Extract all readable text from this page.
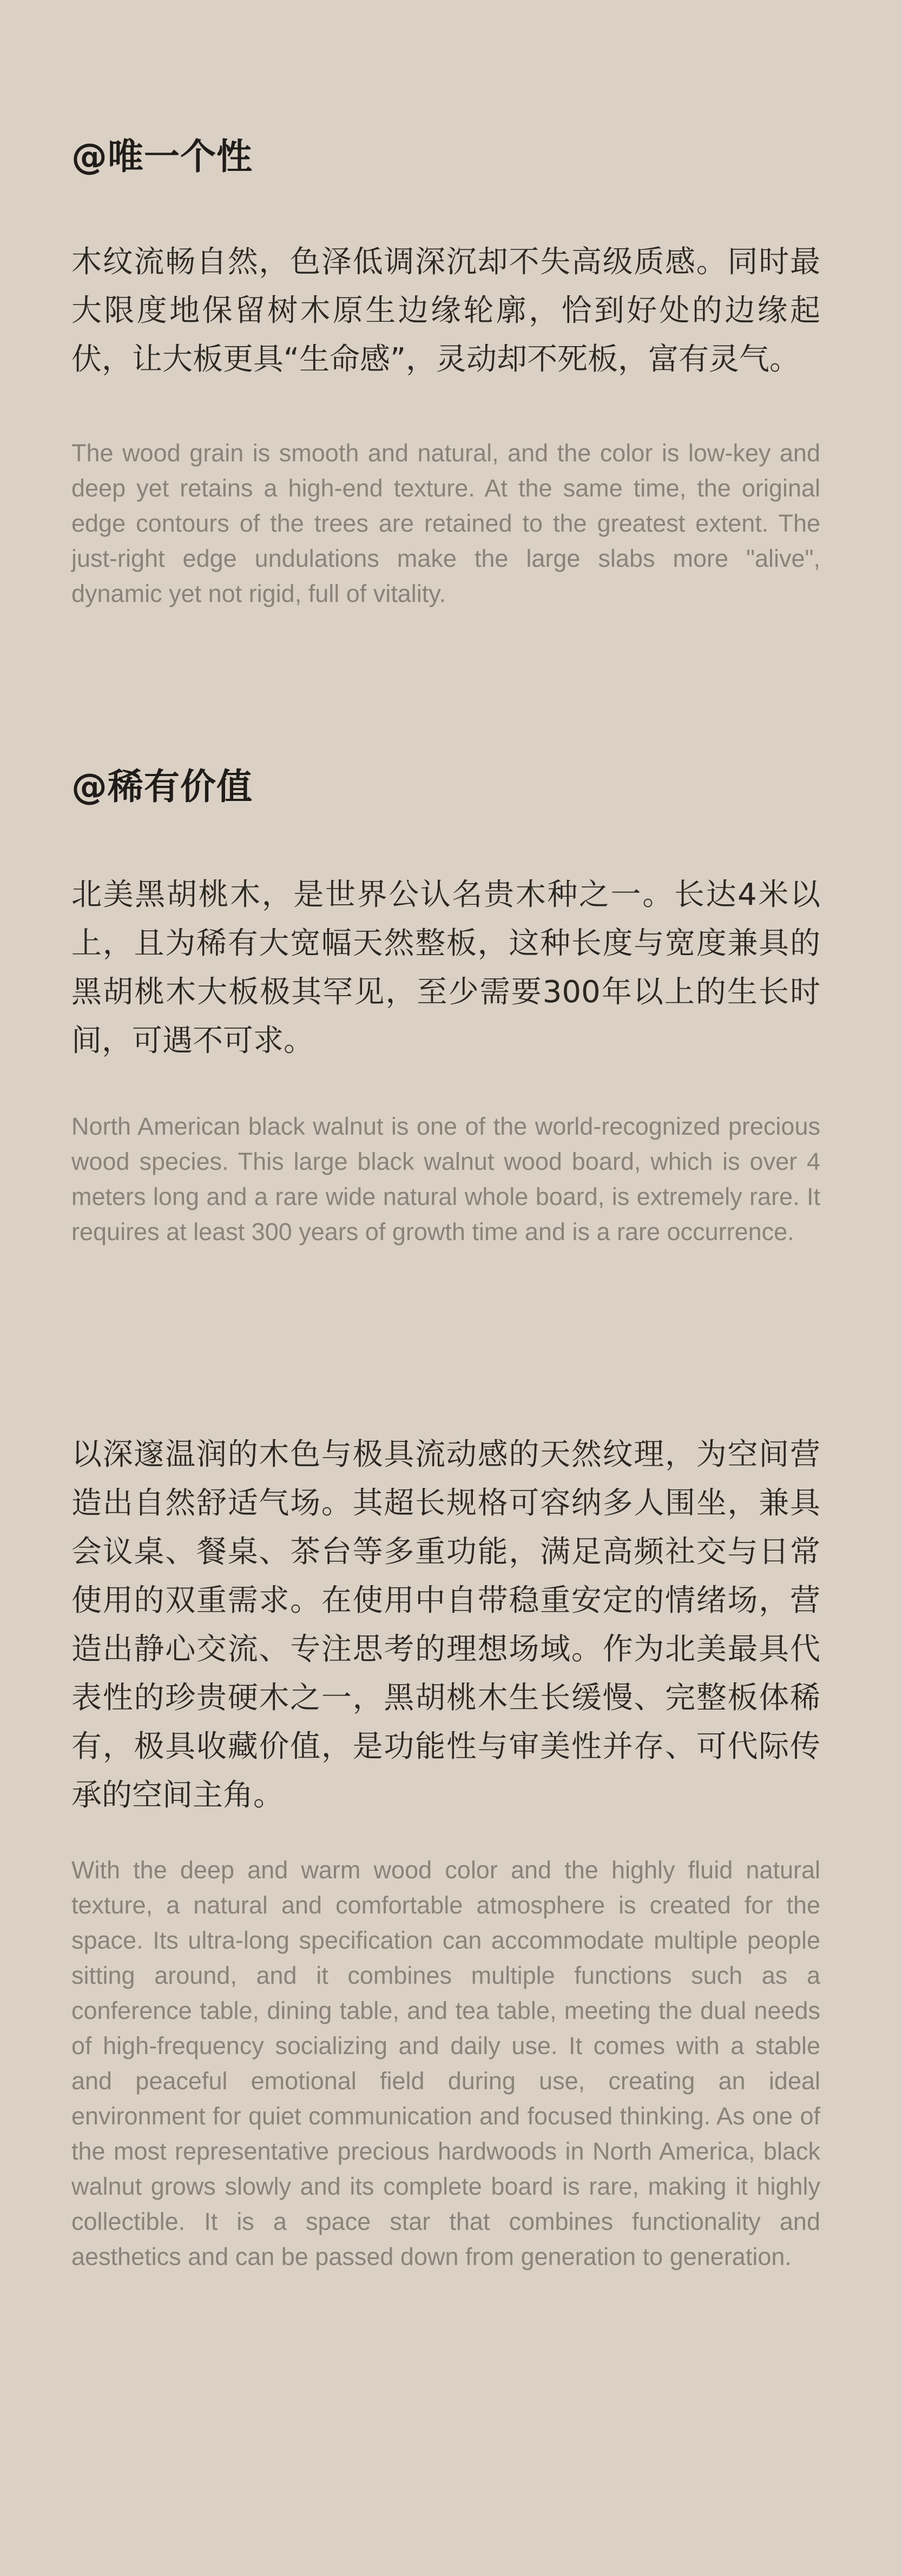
@唯一个性

木纹流畅自然，色泽低调深沉却不失高级质感。同时最大限度地保留树木原生边缘轮廓，恰到好处的边缘起伏，让大板更具“生命感”，灵动却不死板，富有灵气。

The wood grain is smooth and natural, and the color is low-key and deep yet retains a high-end texture. At the same time, the original edge contours of the trees are retained to the greatest extent. The just-right edge undulations make the large slabs more "alive", dynamic yet not rigid, full of vitality.

@稀有价值

北美黑胡桃木，是世界公认名贵木种之一。长达4米以上，且为稀有大宽幅天然整板，这种长度与宽度兼具的黑胡桃木大板极其罕见，至少需要300年以上的生长时间，可遇不可求。

North American black walnut is one of the world-recognized precious wood species. This large black walnut wood board, which is over 4 meters long and a rare wide natural whole board, is extremely rare. It requires at least 300 years of growth time and is a rare occurrence.

以深邃温润的木色与极具流动感的天然纹理，为空间营造出自然舒适气场。其超长规格可容纳多人围坐，兼具会议桌、餐桌、茶台等多重功能，满足高频社交与日常使用的双重需求。在使用中自带稳重安定的情绪场，营造出静心交流、专注思考的理想场域。作为北美最具代表性的珍贵硬木之一，黑胡桃木生长缓慢、完整板体稀有，极具收藏价值，是功能性与审美性并存、可代际传承的空间主角。

With the deep and warm wood color and the highly fluid natural texture, a natural and comfortable atmosphere is created for the space. Its ultra-long specification can accommodate multiple people sitting around, and it combines multiple functions such as a conference table, dining table, and tea table, meeting the dual needs of high-frequency socializing and daily use. It comes with a stable and peaceful emotional field during use, creating an ideal environment for quiet communication and focused thinking. As one of the most representative precious hardwoods in North America, black walnut grows slowly and its complete board is rare, making it highly collectible. It is a space star that combines functionality and aesthetics and can be passed down from generation to generation.
